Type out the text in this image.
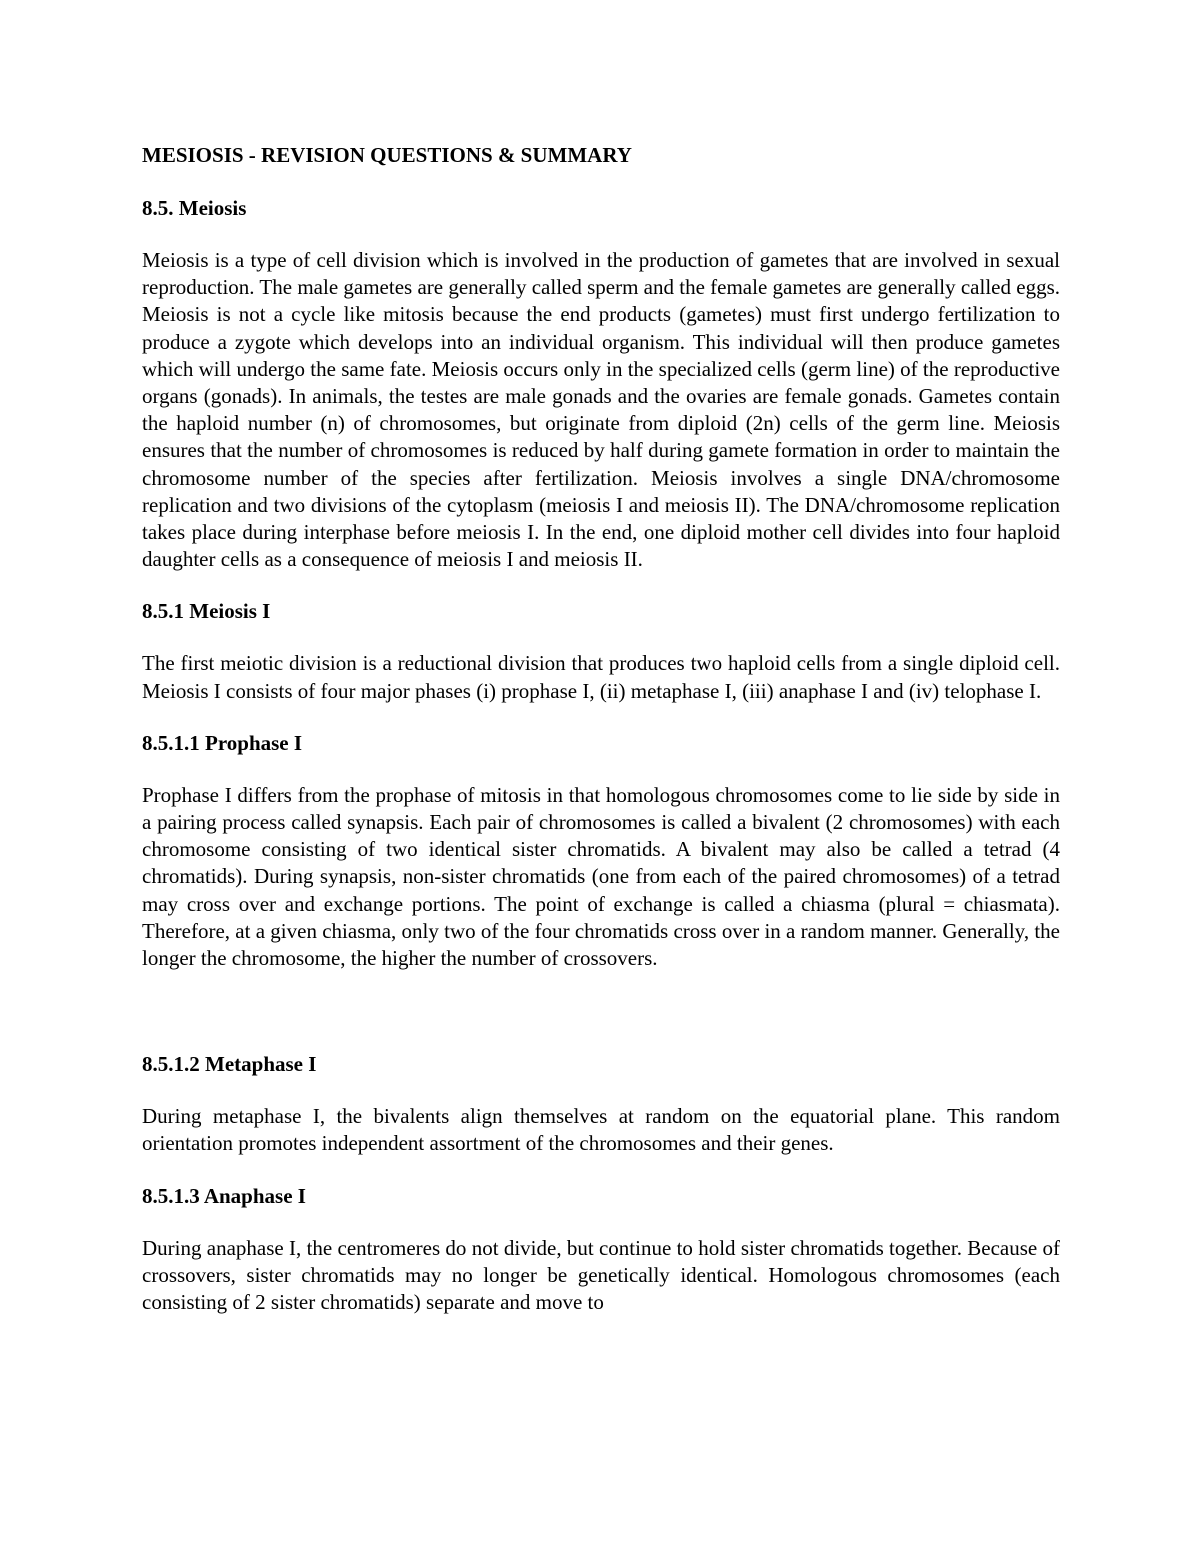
MESIOSIS - REVISION QUESTIONS & SUMMARY
8.5. Meiosis

Meiosis is a type of cell division which is involved in the production of gametes that are involved in sexual reproduction. The male gametes are generally called sperm and the female gametes are generally called eggs. Meiosis is not a cycle like mitosis because the end products (gametes) must first undergo fertilization to produce a zygote which develops into an individual organism. This individual will then produce gametes which will undergo the same fate. Meiosis occurs only in the specialized cells (germ line) of the reproductive organs (gonads). In animals, the testes are male gonads and the ovaries are female gonads. Gametes contain the haploid number (n) of chromosomes, but originate from diploid (2n) cells of the germ line. Meiosis ensures that the number of chromosomes is reduced by half during gamete formation in order to maintain the chromosome number of the species after fertilization. Meiosis involves a single DNA/chromosome replication and two divisions of the cytoplasm (meiosis I and meiosis II). The DNA/chromosome replication takes place during interphase before meiosis I. In the end, one diploid mother cell divides into four haploid daughter cells as a consequence of meiosis I and meiosis II.

8.5.1 Meiosis I

The first meiotic division is a reductional division that produces two haploid cells from a single diploid cell. Meiosis I consists of four major phases (i) prophase I, (ii) metaphase I, (iii) anaphase I and (iv) telophase I.

8.5.1.1 Prophase I

Prophase I differs from the prophase of mitosis in that homologous chromosomes come to lie side by side in a pairing process called synapsis. Each pair of chromosomes is called a bivalent (2 chromosomes) with each chromosome consisting of two identical sister chromatids. A bivalent may also be called a tetrad (4 chromatids). During synapsis, non-sister chromatids (one from each of the paired chromosomes) of a tetrad may cross over and exchange portions. The point of exchange is called a chiasma (plural = chiasmata). Therefore, at a given chiasma, only two of the four chromatids cross over in a random manner. Generally, the longer the chromosome, the higher the number of crossovers.

8.5.1.2 Metaphase I

During metaphase I, the bivalents align themselves at random on the equatorial plane. This random orientation promotes independent assortment of the chromosomes and their genes.

8.5.1.3 Anaphase I

During anaphase I, the centromeres do not divide, but continue to hold sister chromatids together. Because of crossovers, sister chromatids may no longer be genetically identical. Homologous chromosomes (each consisting of 2 sister chromatids) separate and move to
